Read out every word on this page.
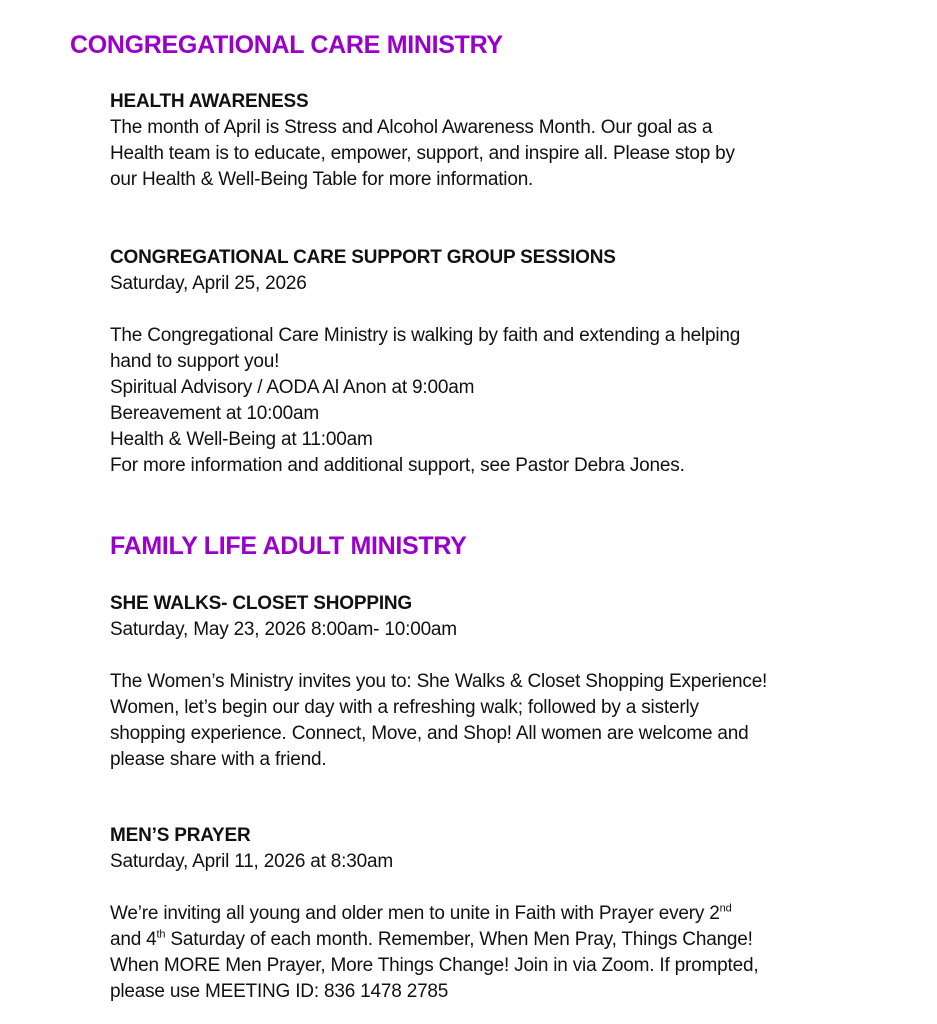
CONGREGATIONAL CARE MINISTRY
HEALTH AWARENESS
The month of April is Stress and Alcohol Awareness Month. Our goal as a
Health team is to educate, empower, support, and inspire all. Please stop by
our Health & Well-Being Table for more information.
CONGREGATIONAL CARE SUPPORT GROUP SESSIONS
Saturday, April 25, 2026

The Congregational Care Ministry is walking by faith and extending a helping
hand to support you!
Spiritual Advisory / AODA Al Anon at 9:00am
Bereavement at 10:00am
Health & Well-Being at 11:00am
For more information and additional support, see Pastor Debra Jones.
FAMILY LIFE ADULT MINISTRY
SHE WALKS- CLOSET SHOPPING
Saturday, May 23, 2026 8:00am- 10:00am

The Women’s Ministry invites you to: She Walks & Closet Shopping Experience!
Women, let’s begin our day with a refreshing walk; followed by a sisterly
shopping experience. Connect, Move, and Shop! All women are welcome and
please share with a friend.
MEN’S PRAYER
Saturday, April 11, 2026 at 8:30am

We’re inviting all young and older men to unite in Faith with Prayer every 2nd
and 4th Saturday of each month. Remember, When Men Pray, Things Change!
When MORE Men Prayer, More Things Change! Join in via Zoom. If prompted,
please use MEETING ID: 836 1478 2785
